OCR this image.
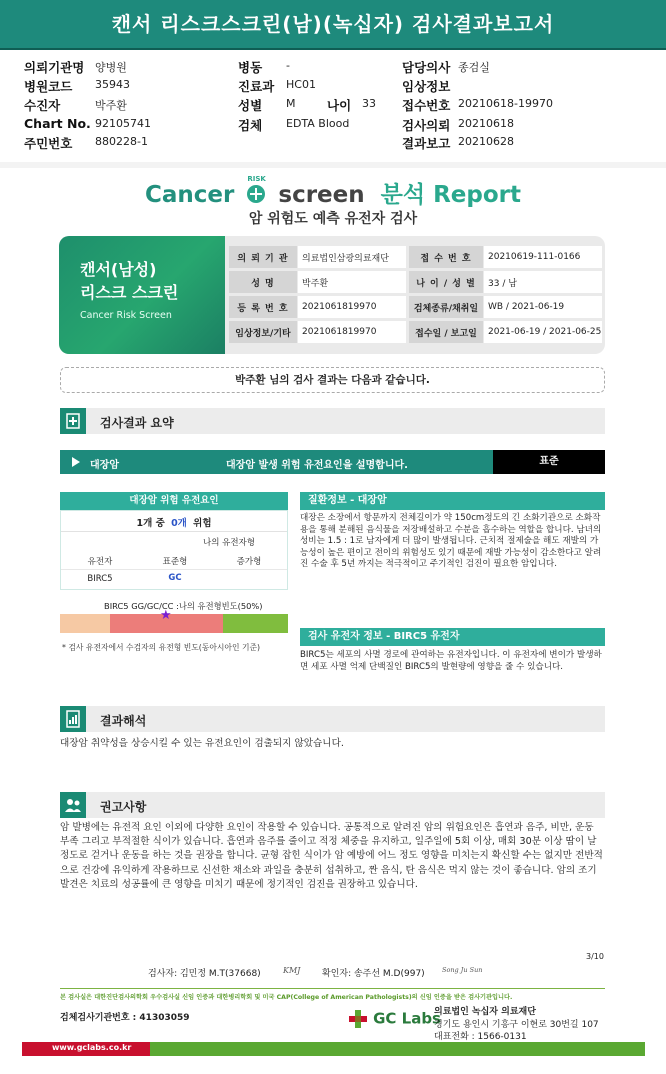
캔서 리스크스크린(남)(녹십자) 검사결과보고서
의뢰기관명 양병원
병원코드 35943
수진자	박주환
Chart No. 92105741
주민번호 880228-1
병동 -
진료과 HC01
성별 M	나이 33
검체 EDTA Blood
담당의사 종검실
임상정보
접수번호 20210618-19970
검사의뢰 20210618
결과보고 20210628
Cancer
RISK
screen 분석 Report
암 위험도 예측 유전자 검사
캔서(남성)
리스크 스크린
Cancer Risk Screen
의 뢰 기 관	의료법인삼광의료재단	접 수 번 호	20210619-111-0166
성 명	박주환	나 이 / 성 별	33 / 남
등 록 번 호	2021061819970	검체종류/채취일	WB / 2021-06-19
임상정보/기타	2021061819970	접수일 / 보고일	2021-06-19 / 2021-06-25
박주환 님의 검사 결과는 다음과 같습니다.
검사결과 요약
대장암	대장암 발생 위험 유전요인을 설명합니다.	표준
대장암 위험 유전요인
1개 중 0개 위험
나의 유전자형
유전자	표준형	증가형
BIRC5	GC
BIRC5 GG/GC/CC :나의 유전형빈도(50%)
★
* 검사 유전자에서 수검자의 유전형 빈도(동아시아인 기준)
질환정보 - 대장암
대장은 소장에서 항문까지 전체길이가 약 150cm정도의 긴 소화기관으로 소화작용을 통해 분해된 음식물을 저장배설하고 수분을 흡수하는 역할을 합니다. 남녀의 성비는 1.5 : 1로 남자에게 더 많이 발생됩니다. 근치적 절제술을 해도 재발의 가능성이 높은 편이고 전이의 위험성도 있기 때문에 재발 가능성이 감소한다고 알려진 수술 후 5년 까지는 적극적이고 주기적인 검진이 필요한 암입니다.
검사 유전자 정보 - BIRC5 유전자
BIRC5는 세포의 사멸 경로에 관여하는 유전자입니다. 이 유전자에 변이가 발생하면 세포 사멸 억제 단백질인 BIRC5의 발현량에 영향을 줄 수 있습니다.
결과해석
대장암 취약성을 상승시킬 수 있는 유전요인이 검출되지 않았습니다.
권고사항
암 발병에는 유전적 요인 이외에 다양한 요인이 작용할 수 있습니다. 공통적으로 알려진 암의 위험요인은 흡연과 음주, 비만, 운동 부족 그리고 부적절한 식이가 있습니다. 흡연과 음주를 줄이고 적정 체중을 유지하고, 일주일에 5회 이상, 매회 30분 이상 땀이 날 정도로 걷거나 운동을 하는 것을 권장을 합니다. 균형 잡힌 식이가 암 예방에 어느 정도 영향을 미치는지 확신할 수는 없지만 전반적으로 건강에 유익하게 작용하므로 신선한 채소와 과일을 충분히 섭취하고, 짠 음식, 탄 음식은 먹지 않는 것이 좋습니다. 암의 조기발견은 치료의 성공률에 큰 영향을 미치기 때문에 정기적인 검진을 권장하고 있습니다.
3/10
검사자: 김민정 M.T(37668)	KMJ 확인자: 송주선 M.D(997)	Song Ju Sun
본 검사실은 대한진단검사의학회 우수검사실 신임 인증과 대한병리학회 및 미국 CAP(College of American Pathologists)의 신임 인증을 받은 검사기관입니다.
검체검사기관번호 : 41303059	GC Labs
의료법인 녹십자 의료재단
경기도 용인시 기흥구 이현로 30번길 107
대표전화 : 1566-0131
www.gclabs.co.kr
